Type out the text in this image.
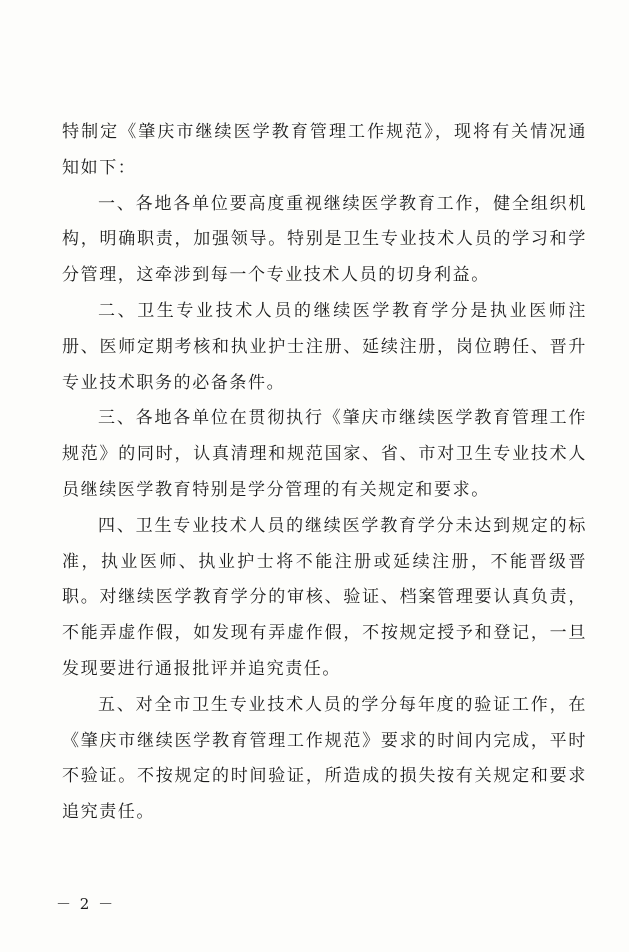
特制定《肇庆市继续医学教育管理工作规范》，现将有关情况通知如下：

一、各地各单位要高度重视继续医学教育工作，健全组织机构，明确职责，加强领导。特别是卫生专业技术人员的学习和学分管理，这牵涉到每一个专业技术人员的切身利益。

二、卫生专业技术人员的继续医学教育学分是执业医师注册、医师定期考核和执业护士注册、延续注册，岗位聘任、晋升专业技术职务的必备条件。

三、各地各单位在贯彻执行《肇庆市继续医学教育管理工作规范》的同时，认真清理和规范国家、省、市对卫生专业技术人员继续医学教育特别是学分管理的有关规定和要求。

四、卫生专业技术人员的继续医学教育学分未达到规定的标准，执业医师、执业护士将不能注册或延续注册，不能晋级晋职。对继续医学教育学分的审核、验证、档案管理要认真负责，不能弄虚作假，如发现有弄虚作假，不按规定授予和登记，一旦发现要进行通报批评并追究责任。

五、对全市卫生专业技术人员的学分每年度的验证工作，在《肇庆市继续医学教育管理工作规范》要求的时间内完成，平时不验证。不按规定的时间验证，所造成的损失按有关规定和要求追究责任。

－ 2 －
